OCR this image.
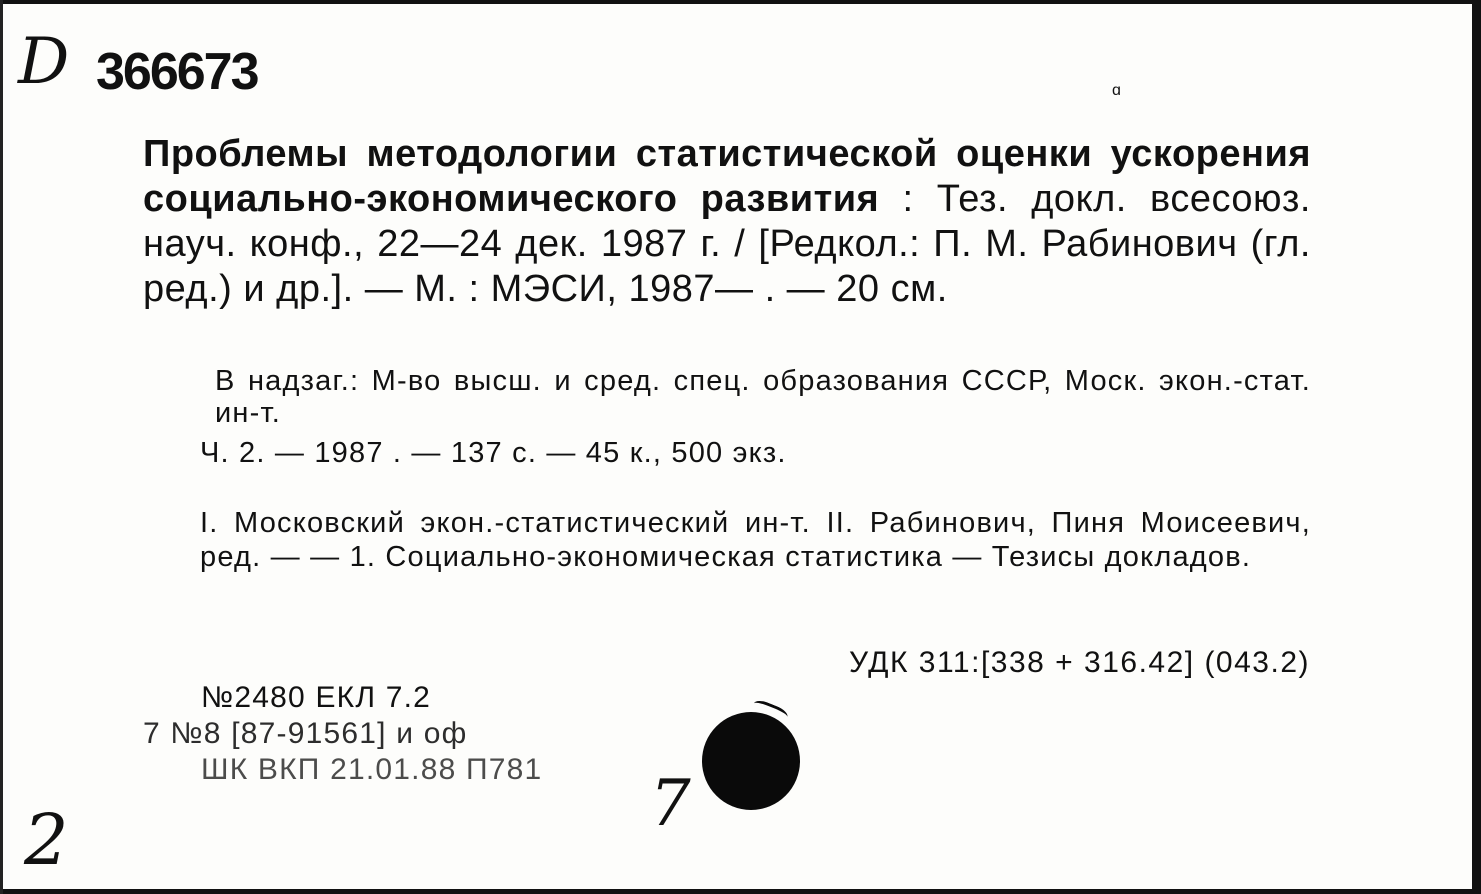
D 366673	ɑ
Проблемы методологии статистической оценки ускорения социально-экономического развития : Тез. докл. всесоюз. науч. конф., 22—24 дек. 1987 г. / [Редкол.: П. М. Рабинович (гл. ред.) и др.]. — М. : МЭСИ, 1987— . — 20 см.
В надзаг.: М-во высш. и сред. спец. образования СССР, Моск. экон.-стат. ин-т.
Ч. 2. — 1987 . — 137 с. — 45 к., 500 экз.
I. Московский экон.-статистический ин-т. II. Рабинович, Пиня Моисеевич, ред. — — 1. Социально-экономическая статистика — Тезисы докладов.
УДК 311:[338 + 316.42] (043.2)
№2480 ЕКЛ 7.2
7 №8 [87-91561] и оф
ШК ВКП 21.01.88 П781 7
2
